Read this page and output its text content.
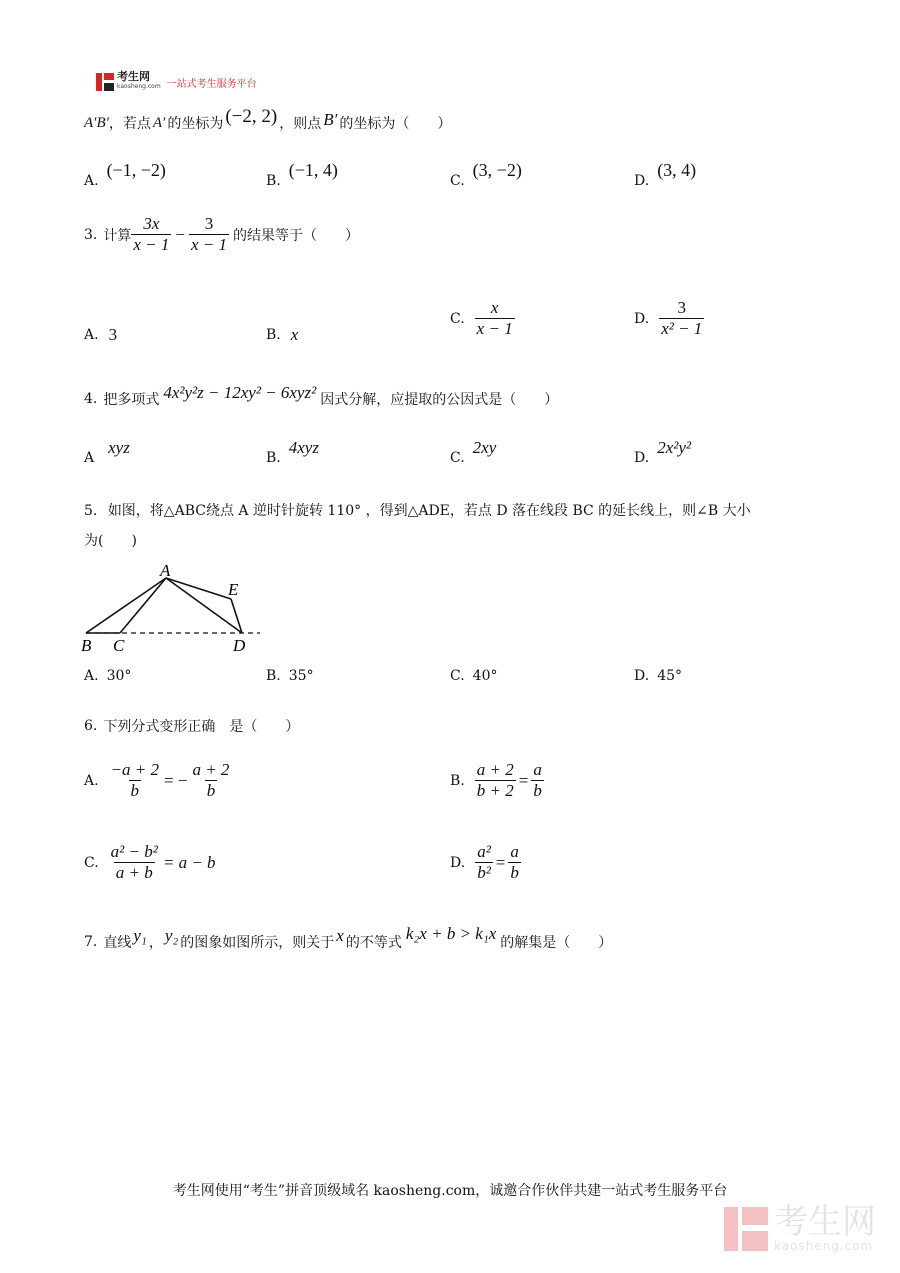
考生网
kaosheng.com 一站式考生服务平台
A′B′ ，若点 A′ 的坐标为 (−2, 2) ，则点 B′ 的坐标为（　　）
A.
(−1, −2)
B.
(−1, 4)
C.
(3, −2)
D.
(3, 4)
3. 计算 $\frac{3x}{x - 1} - \frac{3}{x - 1}$ 的结果等于（　　）
A. 3	B. x
C. $\frac{x}{x - 1}$	D. $\frac{3}{\text{x² − 1}}$
4. 把多项式 4x²y²z − 12xy² − 6xyz² 因式分解，应提取的公因式是（　　）
A
xyz
B.
4xyz
C.
2xy
D.
2x²y²
5. 如图，将△ABC绕点 A 逆时针旋转 110° ，得到△ADE，若点 D 落在线段 BC 的延长线上，则∠B 大小
为(　　)
A
E
B C	D
A. 30°	B. 35°	C. 40°	D. 45°
6. 下列分式变形正确　是（　　）
A. $\frac{-a + 2}{b}$ = − $\frac{a + 2}{b}$	B. $\frac{a + 2}{b + 2} = \frac{a}{b}$
C. $\frac{\text{a² − b²}}{a + b} = a - b$	D. $\frac{\text{a²}}{\text{b²}} = \frac{a}{b}$
7. 直线 y₁ ， y₂ 的图象如图所示，则关于 x 的不等式 k₂x + b > k₁x 的解集是（　　）
考生网使用“考生”拼音顶级域名 kaosheng.com，诚邀合作伙伴共建一站式考生服务平台
考生网
kaosheng.com
